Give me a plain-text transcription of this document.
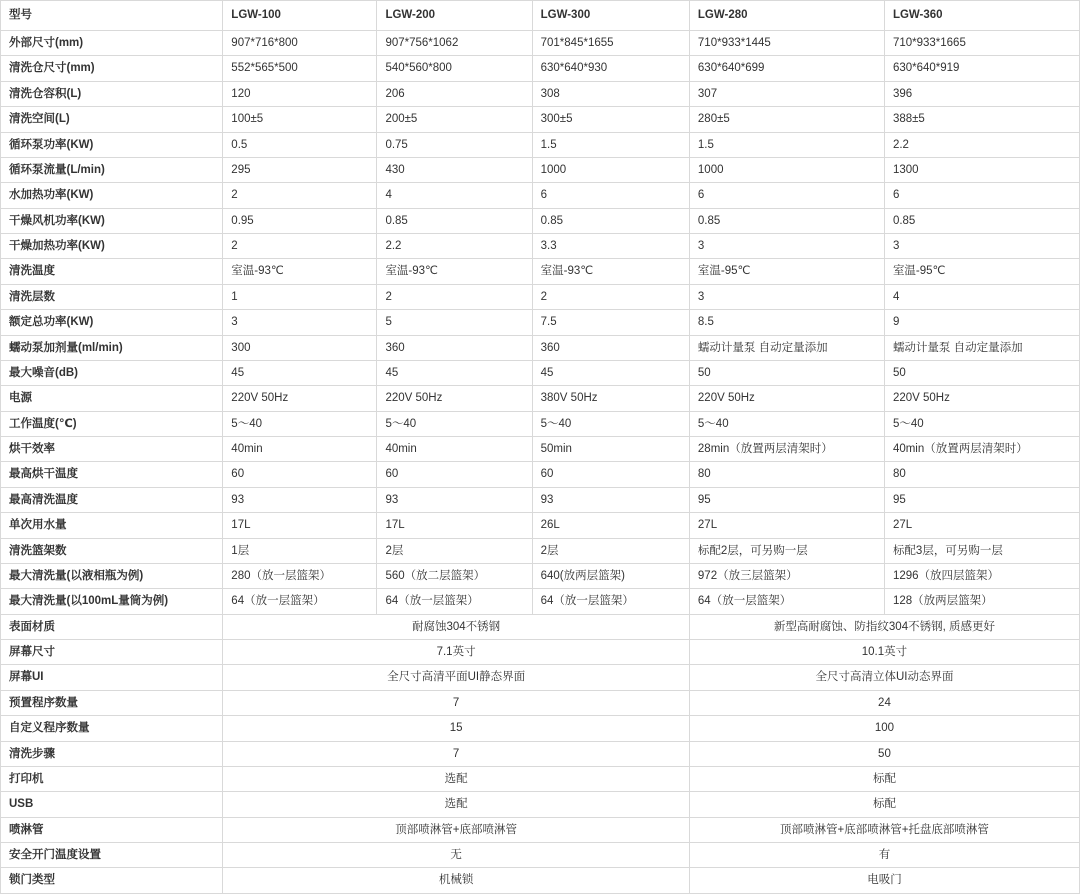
型号	LGW-100	LGW-200	LGW-300	LGW-280	LGW-360
外部尺寸(mm)	907*716*800	907*756*1062	701*845*1655	710*933*1445	710*933*1665
清洗仓尺寸(mm)	552*565*500	540*560*800	630*640*930	630*640*699	630*640*919
清洗仓容积(L)	120	206	308	307	396
清洗空间(L)	100±5	200±5	300±5	280±5	388±5
循环泵功率(KW)	0.5	0.75	1.5	1.5	2.2
循环泵流量(L/min)	295	430	1000	1000	1300
水加热功率(KW)	2	4	6	6	6
干燥风机功率(KW)	0.95	0.85	0.85	0.85	0.85
干燥加热功率(KW)	2	2.2	3.3	3	3
清洗温度	室温-93℃	室温-93℃	室温-93℃	室温-95℃	室温-95℃
清洗层数	1	2	2	3	4
额定总功率(KW)	3	5	7.5	8.5	9
蠕动泵加剂量(ml/min)	300	360	360	蠕动计量泵 自动定量添加	蠕动计量泵 自动定量添加
最大噪音(dB)	45	45	45	50	50
电源	220V 50Hz	220V 50Hz	380V 50Hz	220V 50Hz	220V 50Hz
工作温度(℃)	5〜40	5〜40	5〜40	5〜40	5〜40
烘干效率	40min	40min	50min	28min（放置两层清架时）	40min（放置两层清架时）
最高烘干温度	60	60	60	80	80
最高清洗温度	93	93	93	95	95
单次用水量	17L	17L	26L	27L	27L
清洗篮架数	1层	2层	2层	标配2层，可另购一层	标配3层，可另购一层
最大清洗量(以液相瓶为例)	280（放一层篮架）	560（放二层篮架）	640(放两层篮架)	972（放三层篮架）	1296（放四层篮架）
最大清洗量(以100mL量筒为例)	64（放一层篮架）	64（放一层篮架）	64（放一层篮架）	64（放一层篮架）	128（放两层篮架）
表面材质	耐腐蚀304不锈钢			新型高耐腐蚀、防指纹304不锈钢, 质感更好	
屏幕尺寸	7.1英寸			10.1英寸	
屏幕UI	全尺寸高清平面UI静态界面			全尺寸高清立体UI动态界面	
预置程序数量	7			24	
自定义程序数量	15			100	
清洗步骤	7			50	
打印机	选配			标配	
USB	选配			标配	
喷淋管	顶部喷淋管+底部喷淋管			顶部喷淋管+底部喷淋管+托盘底部喷淋管	
安全开门温度设置	无			有	
锁门类型	机械锁			电吸门	
